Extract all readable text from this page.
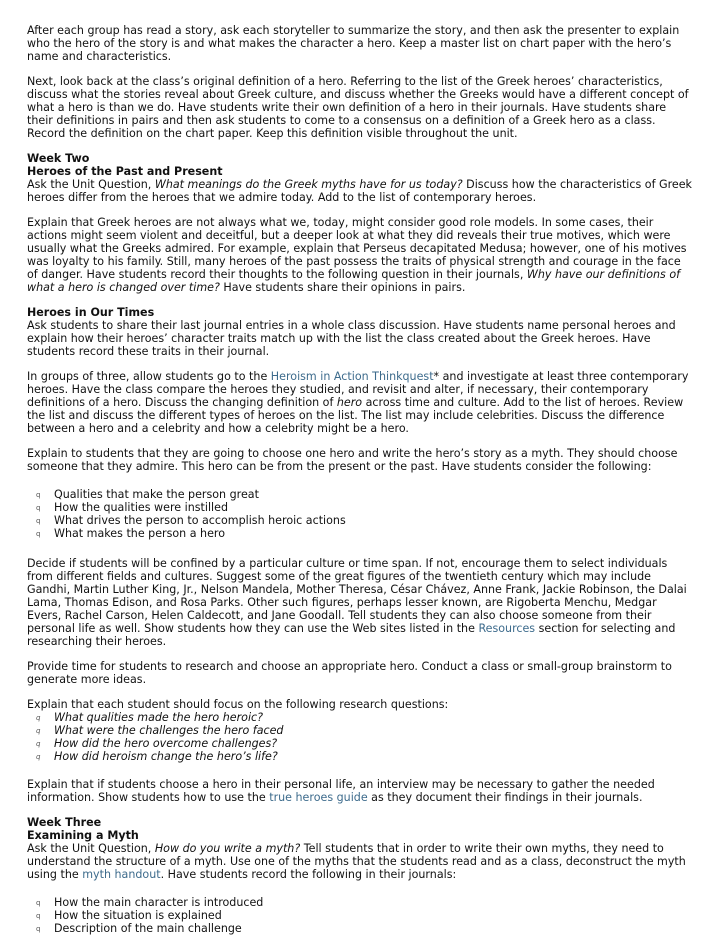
After each group has read a story, ask each storyteller to summarize the story, and then ask the presenter to explain who the hero of the story is and what makes the character a hero. Keep a master list on chart paper with the hero’s name and characteristics.

Next, look back at the class’s original definition of a hero. Referring to the list of the Greek heroes’ characteristics, discuss what the stories reveal about Greek culture, and discuss whether the Greeks would have a different concept of what a hero is than we do. Have students write their own definition of a hero in their journals. Have students share their definitions in pairs and then ask students to come to a consensus on a definition of a Greek hero as a class. Record the definition on the chart paper. Keep this definition visible throughout the unit.

Week Two

Heroes of the Past and Present

Ask the Unit Question, What meanings do the Greek myths have for us today? Discuss how the characteristics of Greek heroes differ from the heroes that we admire today. Add to the list of contemporary heroes.

Explain that Greek heroes are not always what we, today, might consider good role models. In some cases, their actions might seem violent and deceitful, but a deeper look at what they did reveals their true motives, which were usually what the Greeks admired. For example, explain that Perseus decapitated Medusa; however, one of his motives was loyalty to his family. Still, many heroes of the past possess the traits of physical strength and courage in the face of danger. Have students record their thoughts to the following question in their journals, Why have our definitions of what a hero is changed over time? Have students share their opinions in pairs.

Heroes in Our Times

Ask students to share their last journal entries in a whole class discussion. Have students name personal heroes and explain how their heroes’ character traits match up with the list the class created about the Greek heroes. Have students record these traits in their journal.

In groups of three, allow students go to the Heroism in Action Thinkquest* and investigate at least three contemporary heroes. Have the class compare the heroes they studied, and revisit and alter, if necessary, their contemporary definitions of a hero. Discuss the changing definition of hero across time and culture. Add to the list of heroes. Review the list and discuss the different types of heroes on the list. The list may include celebrities. Discuss the difference between a hero and a celebrity and how a celebrity might be a hero.

Explain to students that they are going to choose one hero and write the hero’s story as a myth. They should choose someone that they admire. This hero can be from the present or the past. Have students consider the following:

q Qualities that make the person great
q How the qualities were instilled
q What drives the person to accomplish heroic actions
q What makes the person a hero

Decide if students will be confined by a particular culture or time span. If not, encourage them to select individuals from different fields and cultures. Suggest some of the great figures of the twentieth century which may include Gandhi, Martin Luther King, Jr., Nelson Mandela, Mother Theresa, César Chávez, Anne Frank, Jackie Robinson, the Dalai Lama, Thomas Edison, and Rosa Parks. Other such figures, perhaps lesser known, are Rigoberta Menchu, Medgar Evers, Rachel Carson, Helen Caldecott, and Jane Goodall. Tell students they can also choose someone from their personal life as well. Show students how they can use the Web sites listed in the Resources section for selecting and researching their heroes.

Provide time for students to research and choose an appropriate hero. Conduct a class or small-group brainstorm to generate more ideas.

Explain that each student should focus on the following research questions:

q What qualities made the hero heroic?
q What were the challenges the hero faced
q How did the hero overcome challenges?
q How did heroism change the hero’s life?

Explain that if students choose a hero in their personal life, an interview may be necessary to gather the needed information. Show students how to use the true heroes guide as they document their findings in their journals.

Week Three

Examining a Myth

Ask the Unit Question, How do you write a myth? Tell students that in order to write their own myths, they need to understand the structure of a myth. Use one of the myths that the students read and as a class, deconstruct the myth using the myth handout. Have students record the following in their journals:

q How the main character is introduced
q How the situation is explained
q Description of the main challenge
